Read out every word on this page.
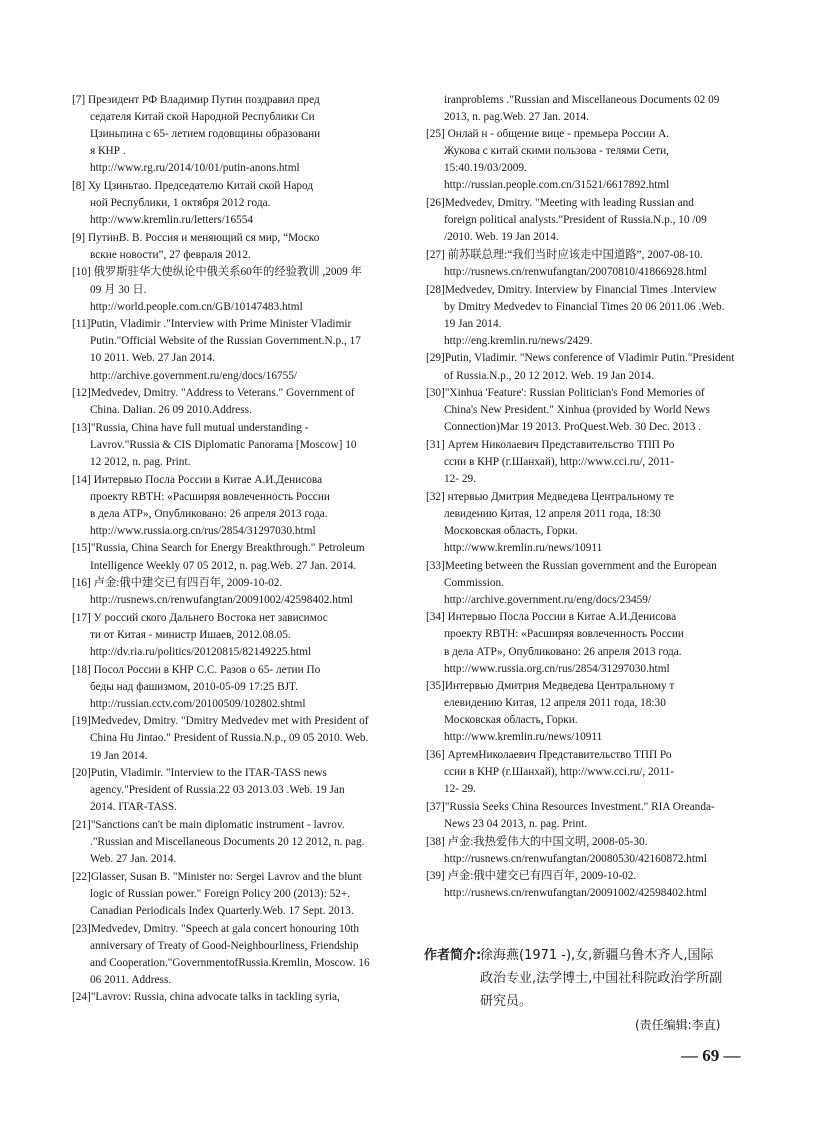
[7] Президент РФ Владимир Путин поздравил пред
седателя Китай ской Народной Республики Си
Цзиньпина с 65- летием годовщины образовани
я КНР .
http://www.rg.ru/2014/10/01/putin-anons.html
[8] Ху Цзиньтао. Председателю Китай ской Народ
ной Республики, 1 октября 2012 года.
http://www.kremlin.ru/letters/16554
[9] ПутинВ. В. Россия и меняющий ся мир, “Моско
вские новости”, 27 февраля 2012.
[10] 俄罗斯驻华大使纵论中俄关系60年的经验教训 ,2009 年
09 月 30 日.
http://world.people.com.cn/GB/10147483.html
[11]Putin, Vladimir ."Interview with Prime Minister Vladimir
Putin."Official Website of the Russian Government.N.p., 17
10 2011. Web. 27 Jan 2014.
http://archive.government.ru/eng/docs/16755/
[12]Medvedev, Dmitry. "Address to Veterans." Government of
China. Dalian. 26 09 2010.Address.
[13]"Russia, China have full mutual understanding -
Lavrov."Russia & CIS Diplomatic Panorama [Moscow] 10
12 2012, n. pag. Print.
[14] Интервью Посла России в Китае А.И.Денисова
проекту RBTH: «Расширяя вовлеченность России
в дела АТР», Опубликовано: 26 апреля 2013 года.
http://www.russia.org.cn/rus/2854/31297030.html
[15]"Russia, China Search for Energy Breakthrough." Petroleum
Intelligence Weekly 07 05 2012, n. pag.Web. 27 Jan. 2014.
[16] 卢金:俄中建交已有四百年, 2009-10-02.
http://rusnews.cn/renwufangtan/20091002/42598402.html
[17] У россий ского Дальнего Востока нет зависимос
ти от Китая - министр Ишаев, 2012.08.05.
http://dv.ria.ru/politics/20120815/82149225.html
[18] Посол России в КНР С.С. Разов о 65- летии По
беды над фашизмом, 2010-05-09 17:25 BJT.
http://russian.cctv.com/20100509/102802.shtml
[19]Medvedev, Dmitry. "Dmitry Medvedev met with President of
China Hu Jintao." President of Russia.N.p., 09 05 2010. Web.
19 Jan 2014.
[20]Putin, Vladimir. "Interview to the ITAR-TASS news
agency."President of Russia.22 03 2013.03 .Web. 19 Jan
2014. ITAR-TASS.
[21]"Sanctions can't be main diplomatic instrument - lavrov.
."Russian and Miscellaneous Documents 20 12 2012, n. pag.
Web. 27 Jan. 2014.
[22]Glasser, Susan B. "Minister no: Sergei Lavrov and the blunt
logic of Russian power." Foreign Policy 200 (2013): 52+.
Canadian Periodicals Index Quarterly.Web. 17 Sept. 2013.
[23]Medvedev, Dmitry. "Speech at gala concert honouring 10th
anniversary of Treaty of Good-Neighbourliness, Friendship
and Cooperation."GovernmentofRussia.Kremlin, Moscow. 16
06 2011. Address.
[24]"Lavrov: Russia, china advocate talks in tackling syria,
iranproblems ."Russian and Miscellaneous Documents 02 09
2013, n. pag.Web. 27 Jan. 2014.
[25] Онлай н - общение вице - премьера России А.
Жукова с китай скими пользова - телями Сети,
15:40.19/03/2009.
http://russian.people.com.cn/31521/6617892.html
[26]Medvedev, Dmitry. "Meeting with leading Russian and
foreign political analysts."President of Russia.N.p., 10 /09
/2010. Web. 19 Jan 2014.
[27] 前苏联总理:“我们当时应该走中国道路”, 2007-08-10.
http://rusnews.cn/renwufangtan/20070810/41866928.html
[28]Medvedev, Dmitry. Interview by Financial Times .Interview
by Dmitry Medvedev to Financial Times 20 06 2011.06 .Web.
19 Jan 2014.
http://eng.kremlin.ru/news/2429.
[29]Putin, Vladimir. "News conference of Vladimir Putin."President
of Russia.N.p., 20 12 2012. Web. 19 Jan 2014.
[30]"Xinhua 'Feature': Russian Politician's Fond Memories of
China's New President." Xinhua (provided by World News
Connection)Mar 19 2013. ProQuest.Web. 30 Dec. 2013 .
[31] Артем Николаевич Представительство ТПП Ро
ссии в КНР (г.Шанхай), http://www.cci.ru/, 2011-
12- 29.
[32] нтервью Дмитрия Медведева Центральному те
левидению Китая, 12 апреля 2011 года, 18:30
Московская область, Горки.
http://www.kremlin.ru/news/10911
[33]Meeting between the Russian government and the European
Commission.
http://archive.government.ru/eng/docs/23459/
[34] Интервью Посла России в Китае А.И.Денисова
проекту RBTH: «Расширяя вовлеченность России
в дела АТР», Опубликовано: 26 апреля 2013 года.
http://www.russia.org.cn/rus/2854/31297030.html
[35]Интервью Дмитрия Медведева Центральному т
елевидению Китая, 12 апреля 2011 года, 18:30
Московская область, Горки.
http://www.kremlin.ru/news/10911
[36] АртемНиколаевич Представительство ТПП Ро
ссии в КНР (г.Шанхай), http://www.cci.ru/, 2011-
12- 29.
[37]"Russia Seeks China Resources Investment." RIA Oreanda-
News 23 04 2013, n. pag. Print.
[38] 卢金:我热爱伟大的中国文明, 2008-05-30.
http://rusnews.cn/renwufangtan/20080530/42160872.html
[39] 卢金:俄中建交已有四百年, 2009-10-02.
http://rusnews.cn/renwufangtan/20091002/42598402.html
作者简介:
徐海燕(1971 -),女,新疆乌鲁木齐人,国际
政治专业,法学博士,中国社科院政治学所副
研究员。
(责任编辑:李直)
— 69 —
